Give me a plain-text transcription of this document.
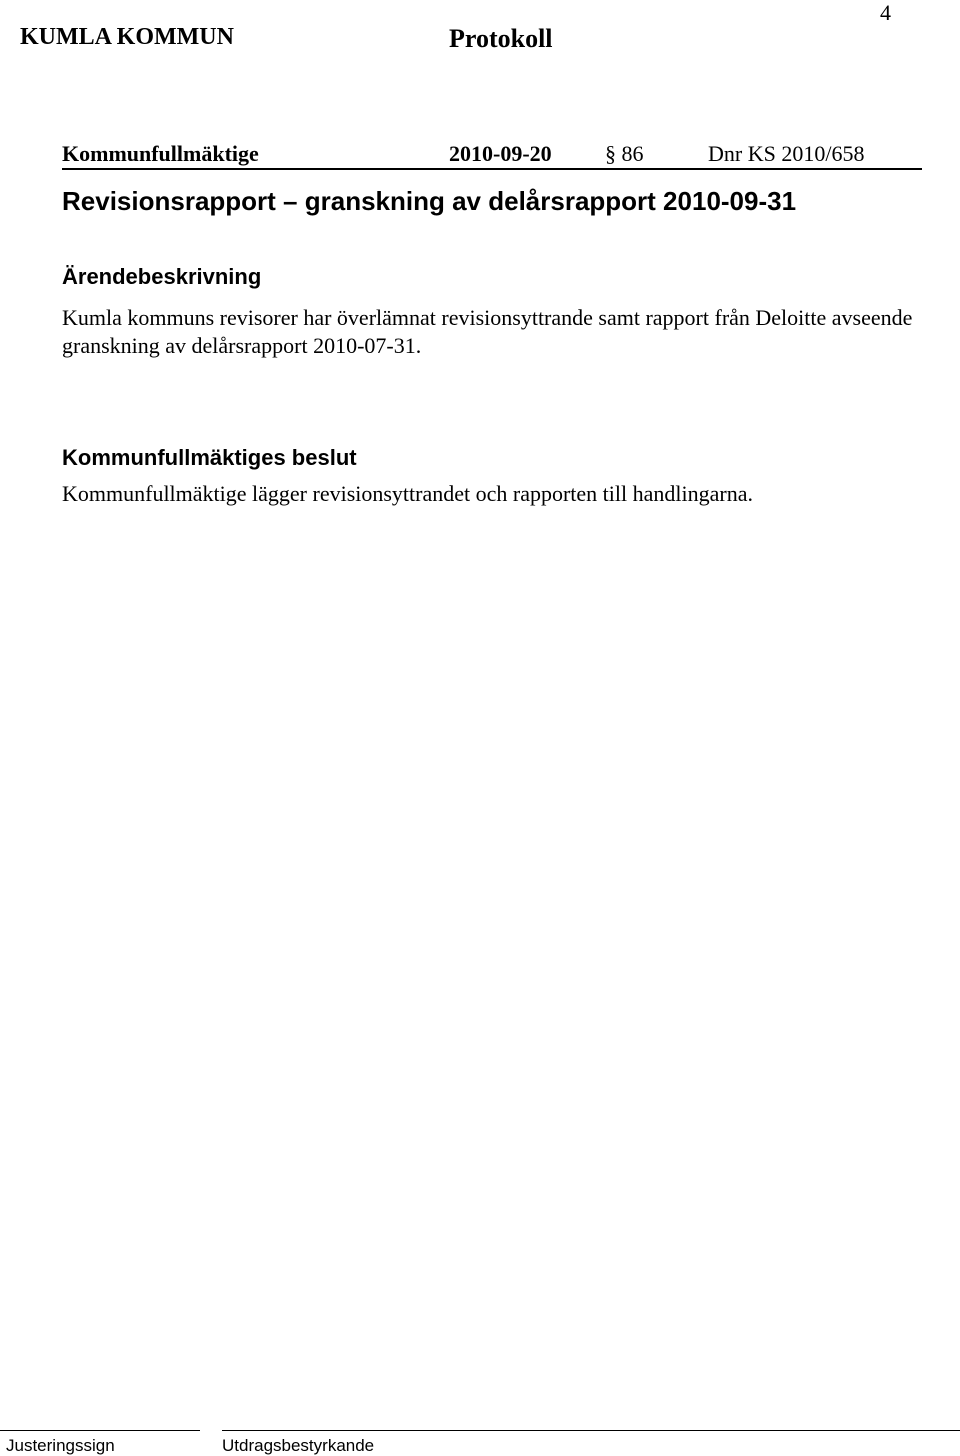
4
KUMLA KOMMUN	Protokoll
Kommunfullmäktige	2010-09-20 § 86	Dnr KS 2010/658
Revisionsrapport – granskning av delårsrapport 2010-09-31
Ärendebeskrivning
Kumla kommuns revisorer har överlämnat revisionsyttrande samt rapport från Deloitte avseende granskning av delårsrapport 2010-07-31.
Kommunfullmäktiges beslut
Kommunfullmäktige lägger revisionsyttrandet och rapporten till handlingarna.
Justeringssign	Utdragsbestyrkande
